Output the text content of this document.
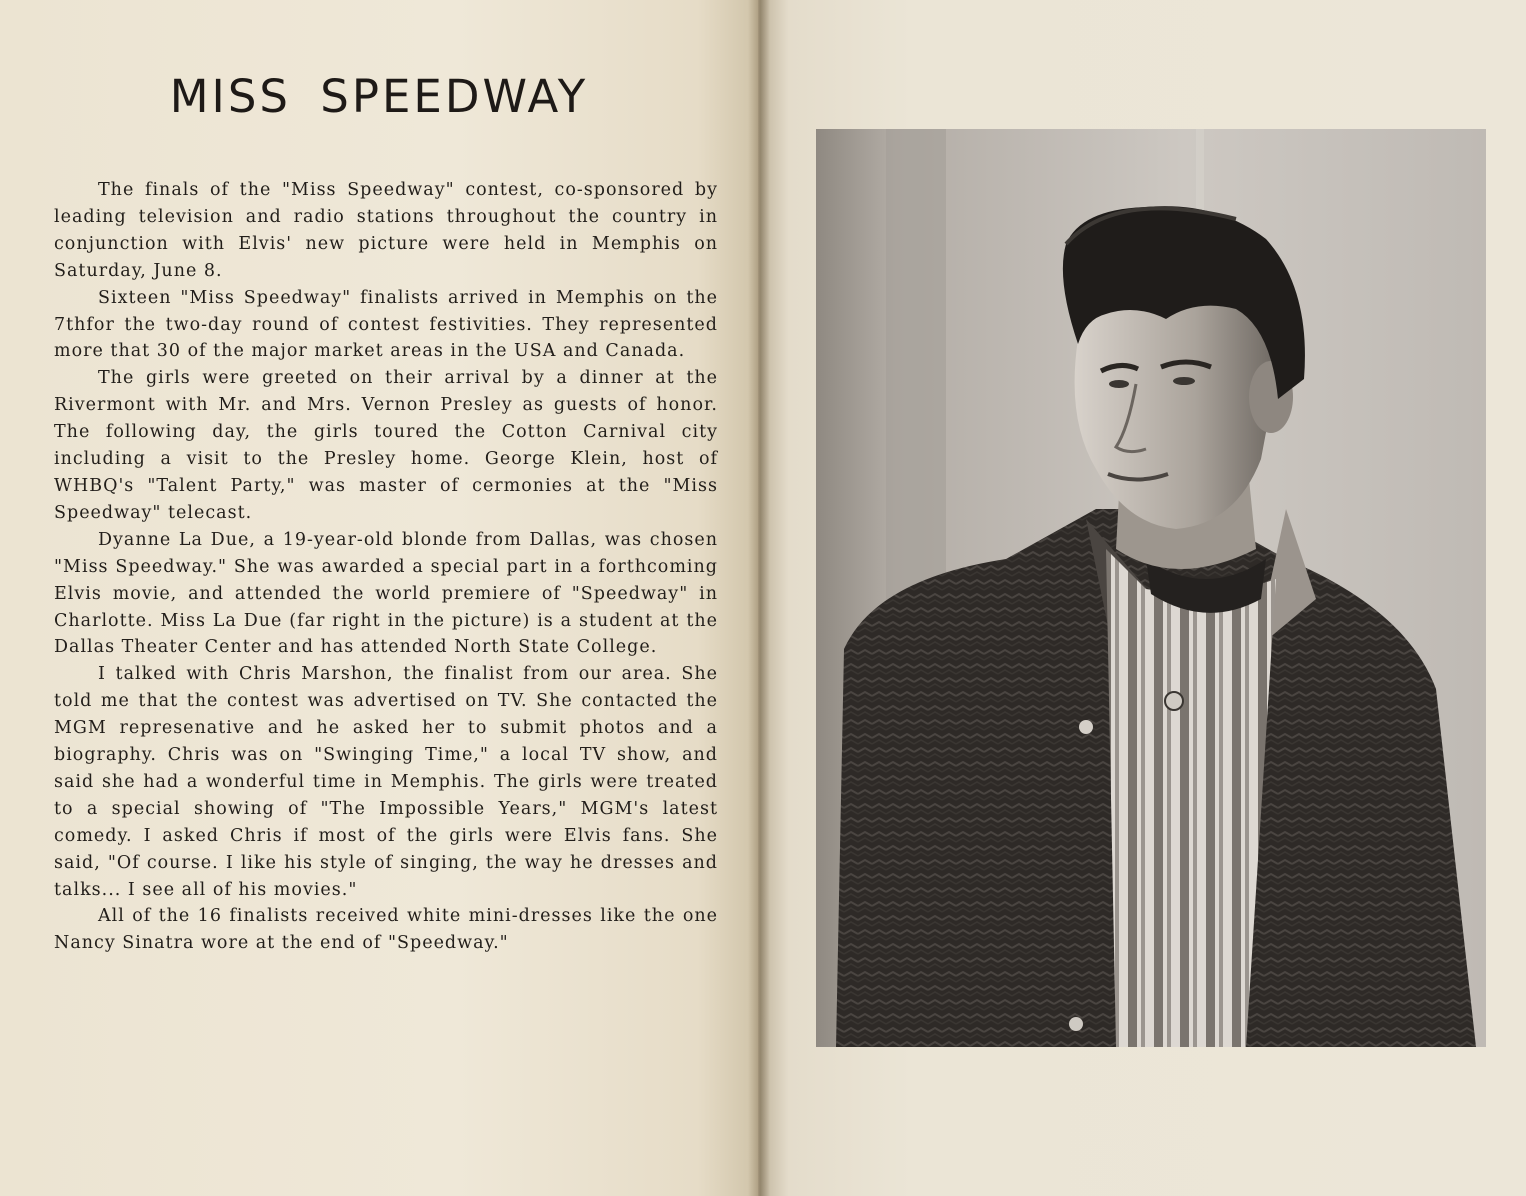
MISS SPEEDWAY

The finals of the "Miss Speedway" contest, co-sponsored by leading television and radio stations throughout the country in conjunction with Elvis' new picture were held in Memphis on Saturday, June 8.

Sixteen "Miss Speedway" finalists arrived in Memphis on the 7thfor the two-day round of contest festivities. They represented more that 30 of the major market areas in the USA and Canada.

The girls were greeted on their arrival by a dinner at the Rivermont with Mr. and Mrs. Vernon Presley as guests of honor. The following day, the girls toured the Cotton Carnival city including a visit to the Presley home. George Klein, host of WHBQ's "Talent Party," was master of cermonies at the "Miss Speedway" telecast.

Dyanne La Due, a 19-year-old blonde from Dallas, was chosen "Miss Speedway." She was awarded a special part in a forthcoming Elvis movie, and attended the world premiere of "Speedway" in Charlotte. Miss La Due (far right in the picture) is a student at the Dallas Theater Center and has attended North State College.

I talked with Chris Marshon, the finalist from our area. She told me that the contest was advertised on TV. She contacted the MGM represenative and he asked her to submit photos and a biography. Chris was on "Swinging Time," a local TV show, and said she had a wonderful time in Memphis. The girls were treated to a special showing of "The Impossible Years," MGM's latest comedy. I asked Chris if most of the girls were Elvis fans. She said, "Of course. I like his style of singing, the way he dresses and talks... I see all of his movies."

All of the 16 finalists received white mini-dresses like the one Nancy Sinatra wore at the end of "Speedway."
